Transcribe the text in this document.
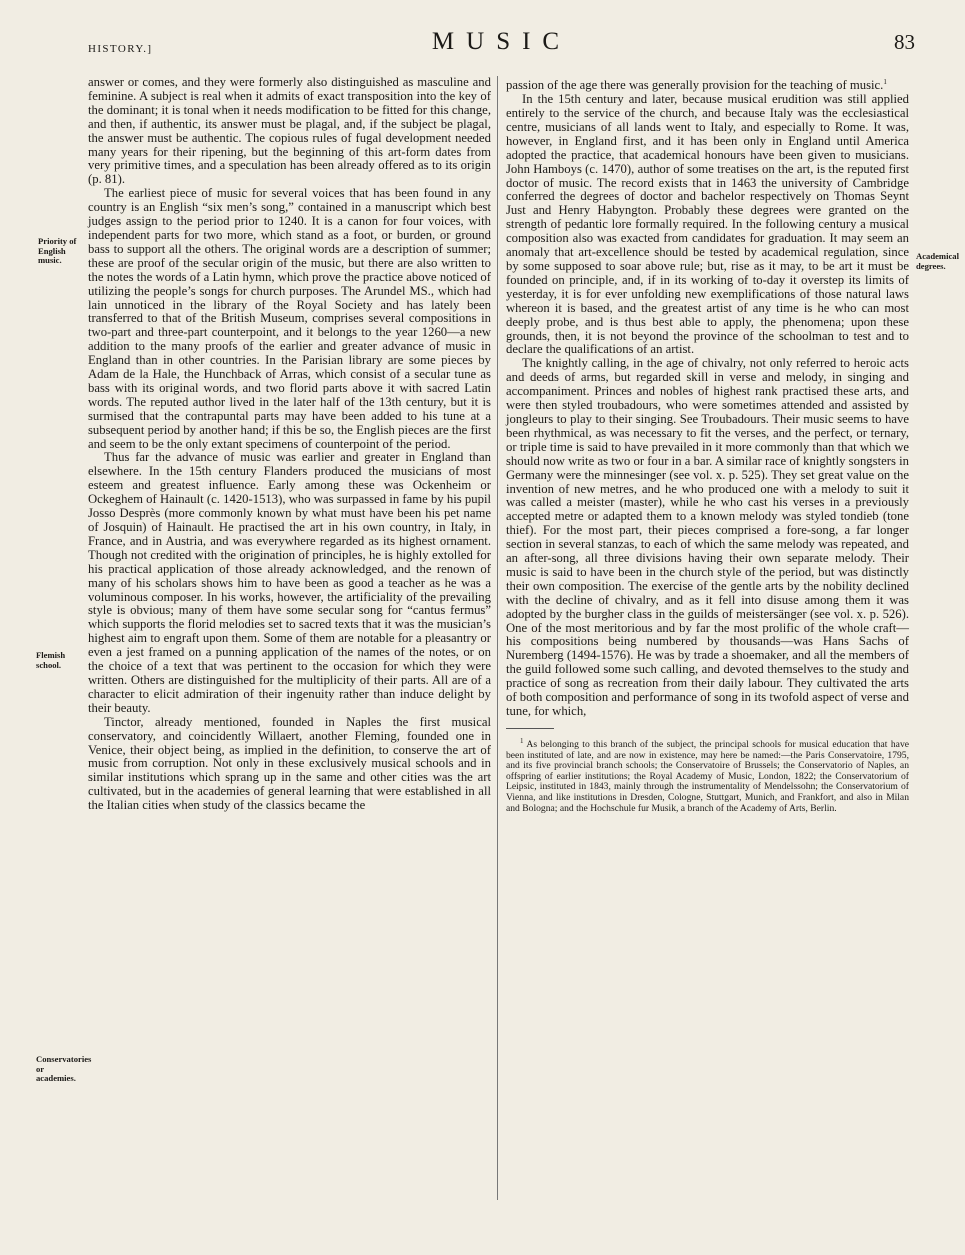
HISTORY.]	MUSIC	83
Priority of English music.
Flemish school.
Conservatories or academies.
Academical degrees.

answer or comes, and they were formerly also distinguished as masculine and feminine. A subject is real when it admits of exact transposition into the key of the dominant; it is tonal when it needs modification to be fitted for this change, and then, if authentic, its answer must be plagal, and, if the subject be plagal, the answer must be authentic. The copious rules of fugal development needed many years for their ripening, but the beginning of this art-form dates from very primitive times, and a speculation has been already offered as to its origin (p. 81).

The earliest piece of music for several voices that has been found in any country is an English “six men’s song,” contained in a manuscript which best judges assign to the period prior to 1240. It is a canon for four voices, with independent parts for two more, which stand as a foot, or burden, or ground bass to support all the others. The original words are a description of summer; these are proof of the secular origin of the music, but there are also written to the notes the words of a Latin hymn, which prove the practice above noticed of utilizing the people’s songs for church purposes. The Arundel MS., which had lain unnoticed in the library of the Royal Society and has lately been transferred to that of the British Museum, comprises several compositions in two-part and three-part counterpoint, and it belongs to the year 1260—a new addition to the many proofs of the earlier and greater advance of music in England than in other countries. In the Parisian library are some pieces by Adam de la Hale, the Hunchback of Arras, which consist of a secular tune as bass with its original words, and two florid parts above it with sacred Latin words. The reputed author lived in the later half of the 13th century, but it is surmised that the contrapuntal parts may have been added to his tune at a subsequent period by another hand; if this be so, the English pieces are the first and seem to be the only extant specimens of counterpoint of the period.

Thus far the advance of music was earlier and greater in England than elsewhere. In the 15th century Flanders produced the musicians of most esteem and greatest influence. Early among these was Ockenheim or Ockeghem of Hainault (c. 1420-1513), who was surpassed in fame by his pupil Josso Desprès (more commonly known by what must have been his pet name of Josquin) of Hainault. He practised the art in his own country, in Italy, in France, and in Austria, and was everywhere regarded as its highest ornament. Though not credited with the origination of principles, he is highly extolled for his practical application of those already acknowledged, and the renown of many of his scholars shows him to have been as good a teacher as he was a voluminous composer. In his works, however, the artificiality of the prevailing style is obvious; many of them have some secular song for “cantus fermus” which supports the florid melodies set to sacred texts that it was the musician’s highest aim to engraft upon them. Some of them are notable for a pleasantry or even a jest framed on a punning application of the names of the notes, or on the choice of a text that was pertinent to the occasion for which they were written. Others are distinguished for the multiplicity of their parts. All are of a character to elicit admiration of their ingenuity rather than induce delight by their beauty.

Tinctor, already mentioned, founded in Naples the first musical conservatory, and coincidently Willaert, another Fleming, founded one in Venice, their object being, as implied in the definition, to conserve the art of music from corruption. Not only in these exclusively musical schools and in similar institutions which sprang up in the same and other cities was the art cultivated, but in the academies of general learning that were established in all the Italian cities when study of the classics became the

passion of the age there was generally provision for the teaching of music.$^1$

In the 15th century and later, because musical erudition was still applied entirely to the service of the church, and because Italy was the ecclesiastical centre, musicians of all lands went to Italy, and especially to Rome. It was, however, in England first, and it has been only in England until America adopted the practice, that academical honours have been given to musicians. John Hamboys (c. 1470), author of some treatises on the art, is the reputed first doctor of music. The record exists that in 1463 the university of Cambridge conferred the degrees of doctor and bachelor respectively on Thomas Seynt Just and Henry Habyngton. Probably these degrees were granted on the strength of pedantic lore formally required. In the following century a musical composition also was exacted from candidates for graduation. It may seem an anomaly that art-excellence should be tested by academical regulation, since by some supposed to soar above rule; but, rise as it may, to be art it must be founded on principle, and, if in its working of to-day it overstep its limits of yesterday, it is for ever unfolding new exemplifications of those natural laws whereon it is based, and the greatest artist of any time is he who can most deeply probe, and is thus best able to apply, the phenomena; upon these grounds, then, it is not beyond the province of the schoolman to test and to declare the qualifications of an artist.

The knightly calling, in the age of chivalry, not only referred to heroic acts and deeds of arms, but regarded skill in verse and melody, in singing and accompaniment. Princes and nobles of highest rank practised these arts, and were then styled troubadours, who were sometimes attended and assisted by jongleurs to play to their singing. See Troubadours. Their music seems to have been rhythmical, as was necessary to fit the verses, and the perfect, or ternary, or triple time is said to have prevailed in it more commonly than that which we should now write as two or four in a bar. A similar race of knightly songsters in Germany were the minnesinger (see vol. x. p. 525). They set great value on the invention of new metres, and he who produced one with a melody to suit it was called a meister (master), while he who cast his verses in a previously accepted metre or adapted them to a known melody was styled tondieb (tone thief). For the most part, their pieces comprised a fore-song, a far longer section in several stanzas, to each of which the same melody was repeated, and an after-song, all three divisions having their own separate melody. Their music is said to have been in the church style of the period, but was distinctly their own composition. The exercise of the gentle arts by the nobility declined with the decline of chivalry, and as it fell into disuse among them it was adopted by the burgher class in the guilds of meistersänger (see vol. x. p. 526). One of the most meritorious and by far the most prolific of the whole craft—his compositions being numbered by thousands—was Hans Sachs of Nuremberg (1494-1576). He was by trade a shoemaker, and all the members of the guild followed some such calling, and devoted themselves to the study and practice of song as recreation from their daily labour. They cultivated the arts of both composition and performance of song in its twofold aspect of verse and tune, for which,

$^1$ As belonging to this branch of the subject, the principal schools for musical education that have been instituted of late, and are now in existence, may here be named:—the Paris Conservatoire, 1795, and its five provincial branch schools; the Conservatoire of Brussels; the Conservatorio of Naples, an offspring of earlier institutions; the Royal Academy of Music, London, 1822; the Conservatorium of Leipsic, instituted in 1843, mainly through the instrumentality of Mendelssohn; the Conservatorium of Vienna, and like institutions in Dresden, Cologne, Stuttgart, Munich, and Frankfort, and also in Milan and Bologna; and the Hochschule fur Musik, a branch of the Academy of Arts, Berlin.
